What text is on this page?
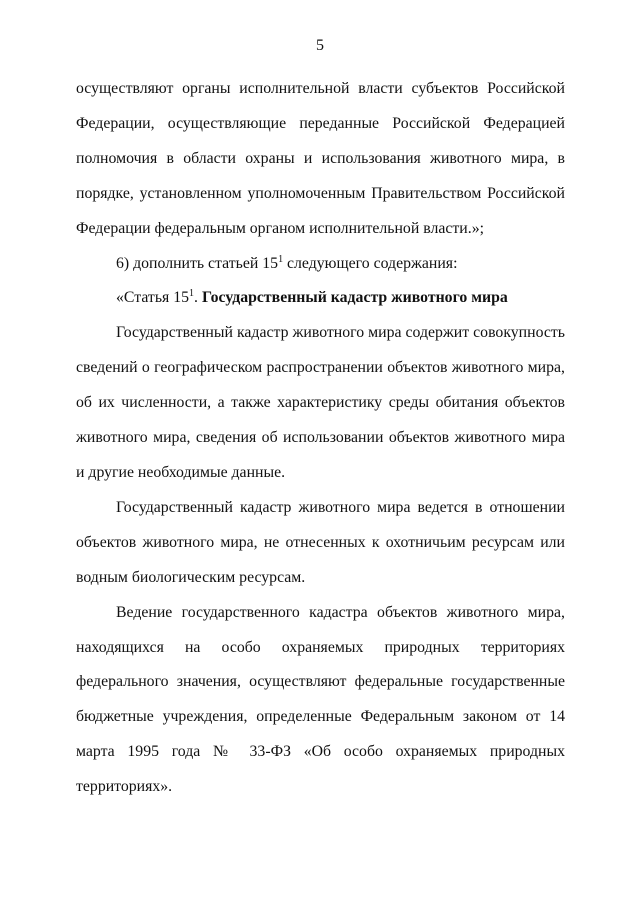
5

осуществляют органы исполнительной власти субъектов Российской Федерации, осуществляющие переданные Российской Федерацией полномочия в области охраны и использования животного мира, в порядке, установленном уполномоченным Правительством Российской Федерации федеральным органом исполнительной власти.»;

6) дополнить статьей $15^1$ следующего содержания:

«Статья $15^1$. Государственный кадастр животного мира

Государственный кадастр животного мира содержит совокупность сведений о географическом распространении объектов животного мира, об их численности, а также характеристику среды обитания объектов животного мира, сведения об использовании объектов животного мира и другие необходимые данные.

Государственный кадастр животного мира ведется в отношении объектов животного мира, не отнесенных к охотничьим ресурсам или водным биологическим ресурсам.

Ведение государственного кадастра объектов животного мира, находящихся на особо охраняемых природных территориях федерального значения, осуществляют федеральные государственные бюджетные учреждения, определенные Федеральным законом от 14 марта 1995 года № 33-ФЗ «Об особо охраняемых природных территориях».
